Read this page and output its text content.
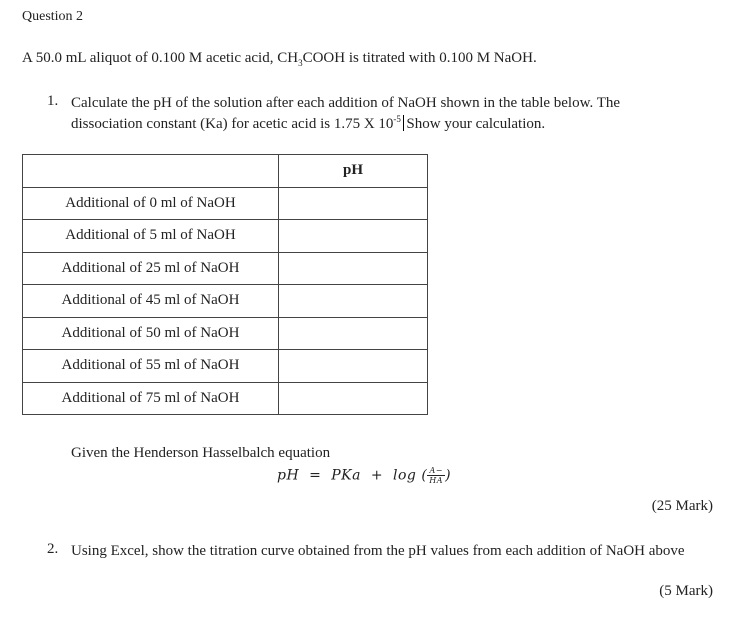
Question 2
A 50.0 mL aliquot of 0.100 M acetic acid, $CH_3COOH$ is titrated with 0.100 M NaOH.
1. Calculate the pH of the solution after each addition of NaOH shown in the table below. The dissociation constant (Ka) for acetic acid is 1.75 X $10^{-5}$ Show your calculation.
	pH
Additional of 0 ml of NaOH	
Additional of 5 ml of NaOH	
Additional of 25 ml of NaOH	
Additional of 45 ml of NaOH	
Additional of 50 ml of NaOH	
Additional of 55 ml of NaOH	
Additional of 75 ml of NaOH	
Given the Henderson Hasselbalch equation
pH = PKa + log ( $\frac{A-}{HA}$ )
(25 Mark)
2. Using Excel, show the titration curve obtained from the pH values from each addition of NaOH above
(5 Mark)
